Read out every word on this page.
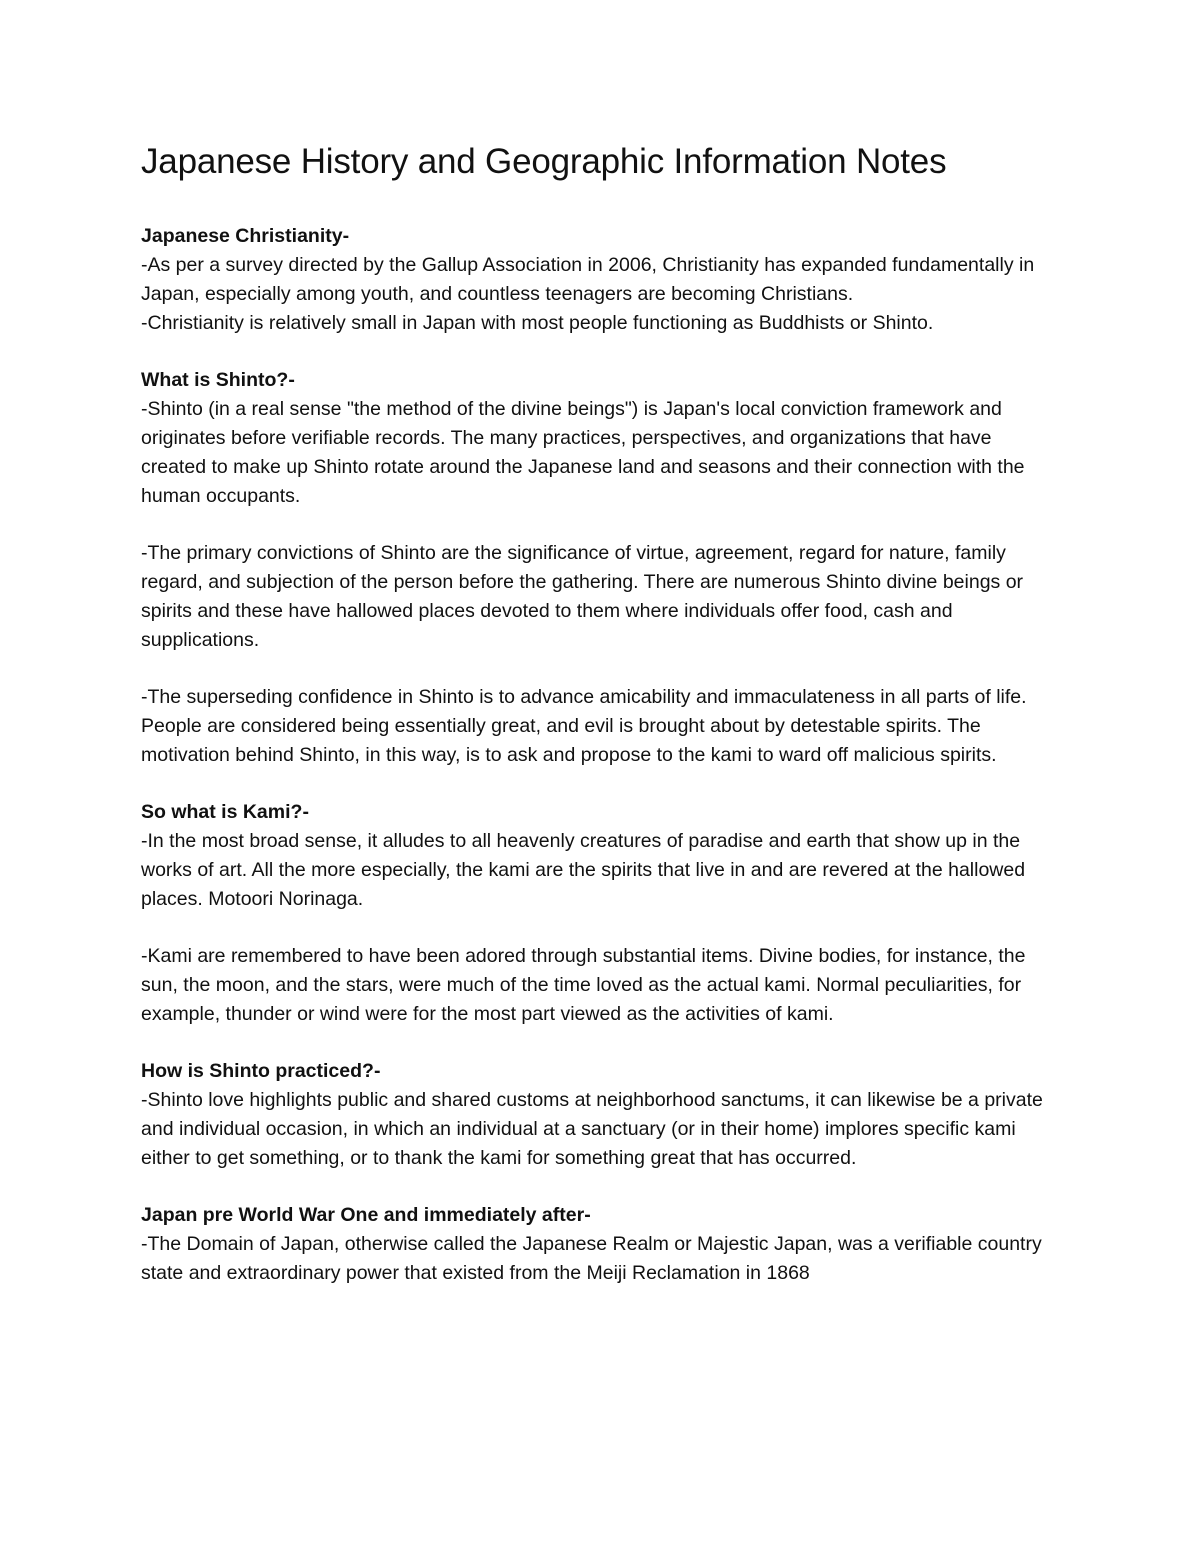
Japanese History and Geographic Information Notes

Japanese Christianity-

-As per a survey directed by the Gallup Association in 2006, Christianity has expanded fundamentally in Japan, especially among youth, and countless teenagers are becoming Christians.

-Christianity is relatively small in Japan with most people functioning as Buddhists or Shinto.

What is Shinto?-

-Shinto (in a real sense "the method of the divine beings") is Japan's local conviction framework and originates before verifiable records. The many practices, perspectives, and organizations that have created to make up Shinto rotate around the Japanese land and seasons and their connection with the human occupants.

-The primary convictions of Shinto are the significance of virtue, agreement, regard for nature, family regard, and subjection of the person before the gathering. There are numerous Shinto divine beings or spirits and these have hallowed places devoted to them where individuals offer food, cash and supplications.

-The superseding confidence in Shinto is to advance amicability and immaculateness in all parts of life. People are considered being essentially great, and evil is brought about by detestable spirits. The motivation behind Shinto, in this way, is to ask and propose to the kami to ward off malicious spirits.

So what is Kami?-

-In the most broad sense, it alludes to all heavenly creatures of paradise and earth that show up in the works of art. All the more especially, the kami are the spirits that live in and are revered at the hallowed places. Motoori Norinaga.

-Kami are remembered to have been adored through substantial items. Divine bodies, for instance, the sun, the moon, and the stars, were much of the time loved as the actual kami. Normal peculiarities, for example, thunder or wind were for the most part viewed as the activities of kami.

How is Shinto practiced?-

-Shinto love highlights public and shared customs at neighborhood sanctums, it can likewise be a private and individual occasion, in which an individual at a sanctuary (or in their home) implores specific kami either to get something, or to thank the kami for something great that has occurred.

Japan pre World War One and immediately after-

-The Domain of Japan, otherwise called the Japanese Realm or Majestic Japan, was a verifiable country state and extraordinary power that existed from the Meiji Reclamation in 1868
